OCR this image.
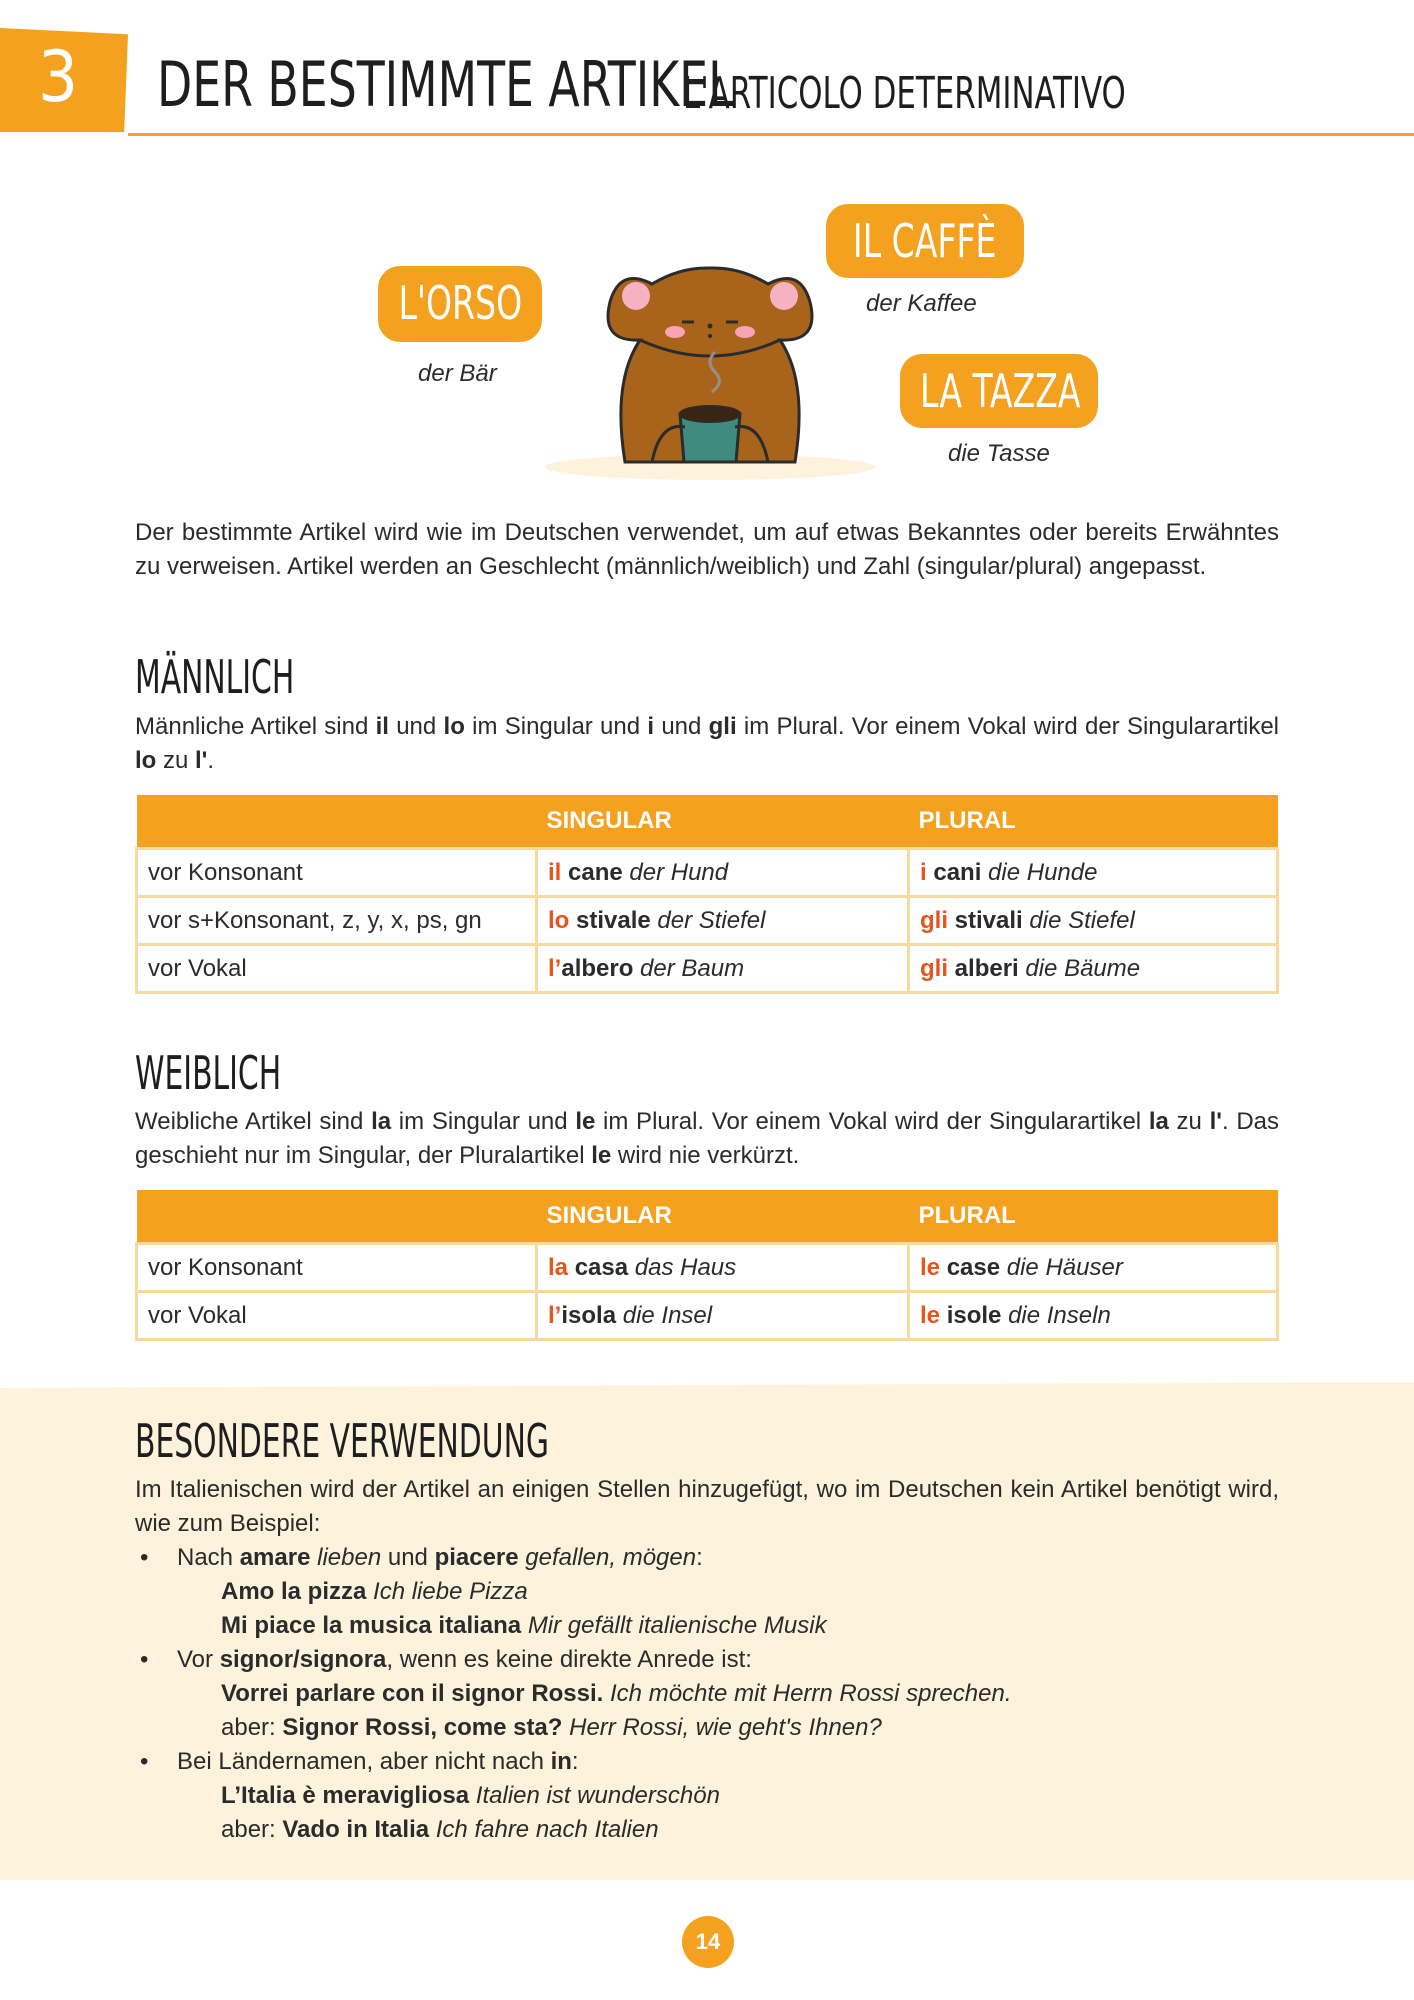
3 DER BESTIMMTE ARTIKEL
L'ARTICOLO DETERMINATIVO
L'ORSO
der Bär
IL CAFFÈ
der Kaffee
LA TAZZA
die Tasse
Der bestimmte Artikel wird wie im Deutschen verwendet, um auf etwas Bekanntes oder bereits Erwähntes zu verweisen. Artikel werden an Geschlecht (männlich/weiblich) und Zahl (singular/plural) angepasst.
MÄNNLICH
Männliche Artikel sind il und lo im Singular und i und gli im Plural. Vor einem Vokal wird der Singularartikel lo zu l'.
	SINGULAR	PLURAL
vor Konsonant	il cane der Hund	i cani die Hunde
vor s+Konsonant, z, y, x, ps, gn	lo stivale der Stiefel	gli stivali die Stiefel
vor Vokal	l’albero der Baum	gli alberi die Bäume
WEIBLICH
Weibliche Artikel sind la im Singular und le im Plural. Vor einem Vokal wird der Singularartikel la zu l'. Das geschieht nur im Singular, der Pluralartikel le wird nie verkürzt.
	SINGULAR	PLURAL
vor Konsonant	la casa das Haus	le case die Häuser
vor Vokal	l’isola die Insel	le isole die Inseln
BESONDERE VERWENDUNG
Im Italienischen wird der Artikel an einigen Stellen hinzugefügt, wo im Deutschen kein Artikel benötigt wird, wie zum Beispiel:
• Nach amare lieben und piacere gefallen, mögen:
Amo la pizza Ich liebe Pizza
Mi piace la musica italiana Mir gefällt italienische Musik
• Vor signor/signora, wenn es keine direkte Anrede ist:
Vorrei parlare con il signor Rossi. Ich möchte mit Herrn Rossi sprechen.
aber: Signor Rossi, come sta? Herr Rossi, wie geht's Ihnen?
• Bei Ländernamen, aber nicht nach in:
L’Italia è meravigliosa Italien ist wunderschön
aber: Vado in Italia Ich fahre nach Italien
14
